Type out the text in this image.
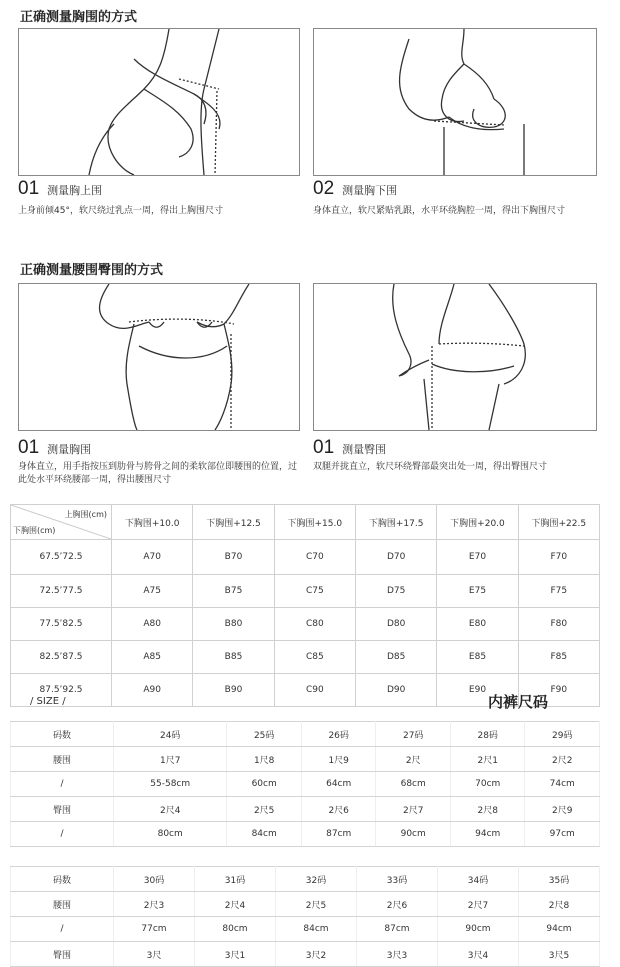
正确测量胸围的方式
01 测量胸上围
上身前倾45°，软尺绕过乳点一周，得出上胸围尺寸
02 测量胸下围
身体直立，软尺紧贴乳跟，水平环绕胸腔一周，得出下胸围尺寸
正确测量腰围臀围的方式
01 测量胸围
身体直立，用手指按压到肋骨与胯骨之间的柔软部位即腰围的位置，过此处水平环绕腰部一周，得出腰围尺寸
01 测量臀围
双腿并拢直立，软尺环绕臀部最突出处一周，得出臀围尺寸
上胸围(cm)
下胸围(cm)	下胸围+10.0	下胸围+12.5	下胸围+15.0	下胸围+17.5	下胸围+20.0	下胸围+22.5
67.5’72.5	A70	B70	C70	D70	E70	F70
72.5’77.5	A75	B75	C75	D75	E75	F75
77.5’82.5	A80	B80	C80	D80	E80	F80
82.5’87.5	A85	B85	C85	D85	E85	F85
87.5’92.5	A90	B90	C90	D90	E90	F90
/ SIZE /	内裤尺码
码数	24码	25码	26码	27码	28码	29码
腰围	1尺7	1尺8	1尺9	2尺	2尺1	2尺2
/	55-58cm	60cm	64cm	68cm	70cm	74cm
臀围	2尺4	2尺5	2尺6	2尺7	2尺8	2尺9
/	80cm	84cm	87cm	90cm	94cm	97cm
码数	30码	31码	32码	33码	34码	35码
腰围	2尺3	2尺4	2尺5	2尺6	2尺7	2尺8
/	77cm	80cm	84cm	87cm	90cm	94cm
臀围	3尺	3尺1	3尺2	3尺3	3尺4	3尺5
